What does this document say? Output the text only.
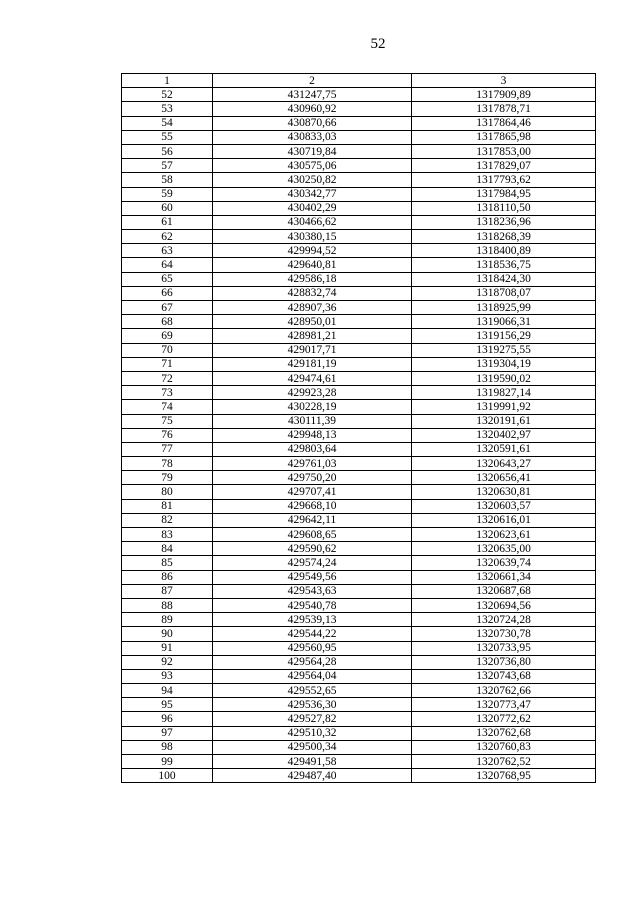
52
1	2	3
52	431247,75	1317909,89
53	430960,92	1317878,71
54	430870,66	1317864,46
55	430833,03	1317865,98
56	430719,84	1317853,00
57	430575,06	1317829,07
58	430250,82	1317793,62
59	430342,77	1317984,95
60	430402,29	1318110,50
61	430466,62	1318236,96
62	430380,15	1318268,39
63	429994,52	1318400,89
64	429640,81	1318536,75
65	429586,18	1318424,30
66	428832,74	1318708,07
67	428907,36	1318925,99
68	428950,01	1319066,31
69	428981,21	1319156,29
70	429017,71	1319275,55
71	429181,19	1319304,19
72	429474,61	1319590,02
73	429923,28	1319827,14
74	430228,19	1319991,92
75	430111,39	1320191,61
76	429948,13	1320402,97
77	429803,64	1320591,61
78	429761,03	1320643,27
79	429750,20	1320656,41
80	429707,41	1320630,81
81	429668,10	1320603,57
82	429642,11	1320616,01
83	429608,65	1320623,61
84	429590,62	1320635,00
85	429574,24	1320639,74
86	429549,56	1320661,34
87	429543,63	1320687,68
88	429540,78	1320694,56
89	429539,13	1320724,28
90	429544,22	1320730,78
91	429560,95	1320733,95
92	429564,28	1320736,80
93	429564,04	1320743,68
94	429552,65	1320762,66
95	429536,30	1320773,47
96	429527,82	1320772,62
97	429510,32	1320762,68
98	429500,34	1320760,83
99	429491,58	1320762,52
100	429487,40	1320768,95
